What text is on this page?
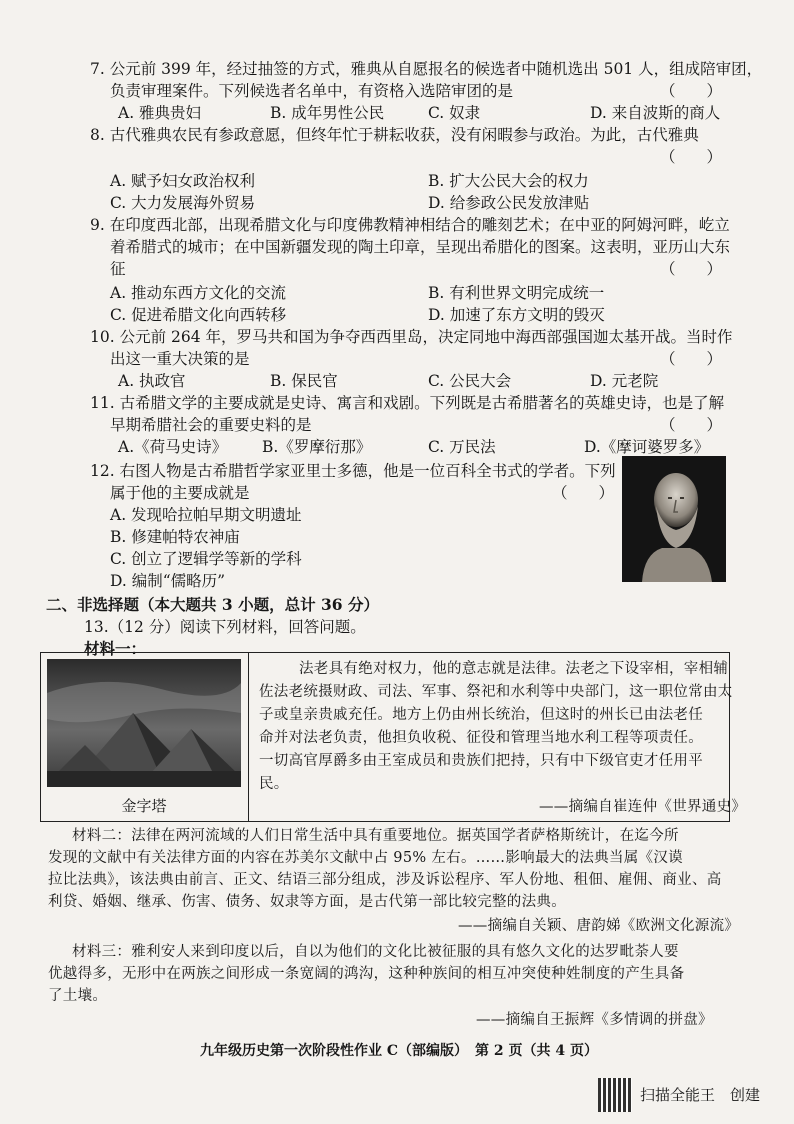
7. 公元前 399 年，经过抽签的方式，雅典从自愿报名的候选者中随机选出 501 人，组成陪审团，
负责审理案件。下列候选者名单中，有资格入选陪审团的是	（　　）
A. 雅典贵妇	B. 成年男性公民	C. 奴隶	D. 来自波斯的商人
8. 古代雅典农民有参政意愿，但终年忙于耕耘收获，没有闲暇参与政治。为此，古代雅典
（　　）
A. 赋予妇女政治权利	B. 扩大公民大会的权力
C. 大力发展海外贸易	D. 给参政公民发放津贴
9. 在印度西北部，出现希腊文化与印度佛教精神相结合的雕刻艺术；在中亚的阿姆河畔，屹立
着希腊式的城市；在中国新疆发现的陶土印章，呈现出希腊化的图案。这表明，亚历山大东
征	（　　）
A. 推动东西方文化的交流	B. 有利世界文明完成统一
C. 促进希腊文化向西转移	D. 加速了东方文明的毁灭
10. 公元前 264 年，罗马共和国为争夺西西里岛，决定同地中海西部强国迦太基开战。当时作
出这一重大决策的是	（　　）
A. 执政官	B. 保民官	C. 公民大会	D. 元老院
11. 古希腊文学的主要成就是史诗、寓言和戏剧。下列既是古希腊著名的英雄史诗，也是了解
早期希腊社会的重要史料的是	（　　）
A.《荷马史诗》 B.《罗摩衍那》	C. 万民法	D.《摩诃婆罗多》
12. 右图人物是古希腊哲学家亚里士多德，他是一位百科全书式的学者。下列
属于他的主要成就是	（　　）
A. 发现哈拉帕早期文明遗址
B. 修建帕特农神庙
C. 创立了逻辑学等新的学科
D. 编制“儒略历”
二、非选择题（本大题共 3 小题，总计 36 分）
13.（12 分）阅读下列材料，回答问题。
材料一：
金字塔
法老具有绝对权力，他的意志就是法律。法老之下设宰相，宰相辅
佐法老统摄财政、司法、军事、祭祀和水利等中央部门，这一职位常由太
子或皇亲贵戚充任。地方上仍由州长统治，但这时的州长已由法老任
命并对法老负责，他担负收税、征役和管理当地水利工程等项责任。
一切高官厚爵多由王室成员和贵族们把持，只有中下级官吏才任用平
民。
——摘编自崔连仲《世界通史》
材料二：法律在两河流域的人们日常生活中具有重要地位。据英国学者萨格斯统计，在迄今所
发现的文献中有关法律方面的内容在苏美尔文献中占 95% 左右。……影响最大的法典当属《汉谟
拉比法典》，该法典由前言、正文、结语三部分组成，涉及诉讼程序、军人份地、租佃、雇佣、商业、高
利贷、婚姻、继承、伤害、债务、奴隶等方面，是古代第一部比较完整的法典。
——摘编自关颖、唐韵娣《欧洲文化源流》
材料三：雅利安人来到印度以后，自以为他们的文化比被征服的具有悠久文化的达罗毗荼人要
优越得多，无形中在两族之间形成一条宽阔的鸿沟，这种种族间的相互冲突使种姓制度的产生具备
了土壤。
——摘编自王振辉《多情调的拼盘》
九年级历史第一次阶段性作业 C（部编版）　第 2 页（共 4 页）
扫描全能王　创建
